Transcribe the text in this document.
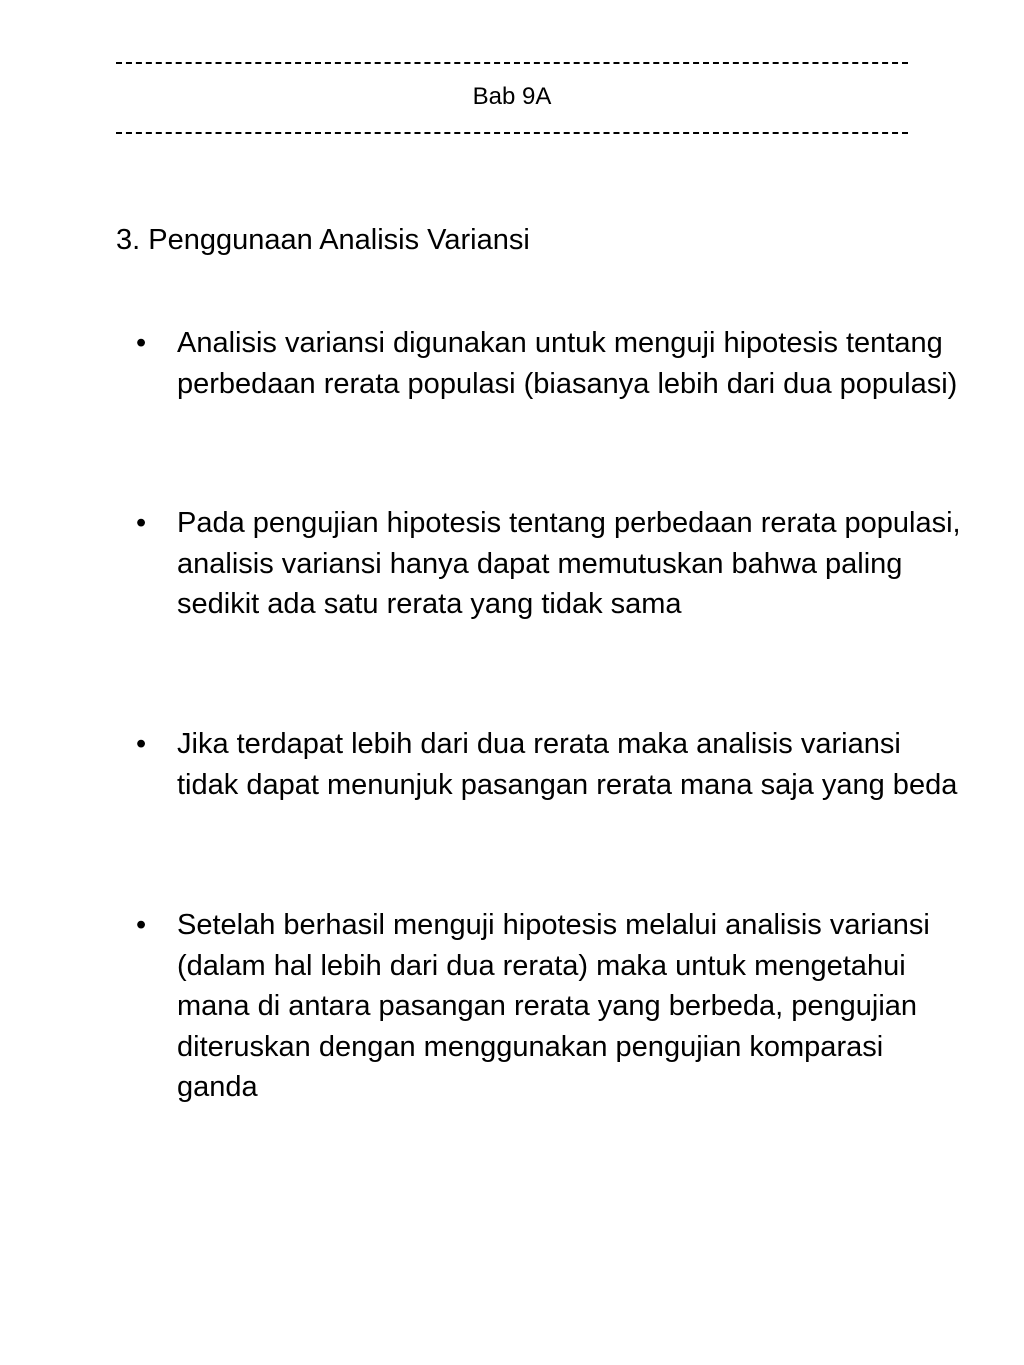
Bab 9A
3. Penggunaan Analisis Variansi
•	Analisis variansi digunakan untuk menguji hipotesis tentang perbedaan rerata populasi (biasanya lebih dari dua populasi)
•	Pada pengujian hipotesis tentang perbedaan rerata populasi, analisis variansi hanya dapat memutuskan bahwa paling sedikit ada satu rerata yang tidak sama
•	Jika terdapat lebih dari dua rerata maka analisis variansi tidak dapat menunjuk pasangan rerata mana saja yang beda
•	Setelah berhasil menguji hipotesis melalui analisis variansi (dalam hal lebih dari dua rerata) maka untuk mengetahui mana di antara pasangan rerata yang berbeda, pengujian diteruskan dengan menggunakan pengujian komparasi ganda
